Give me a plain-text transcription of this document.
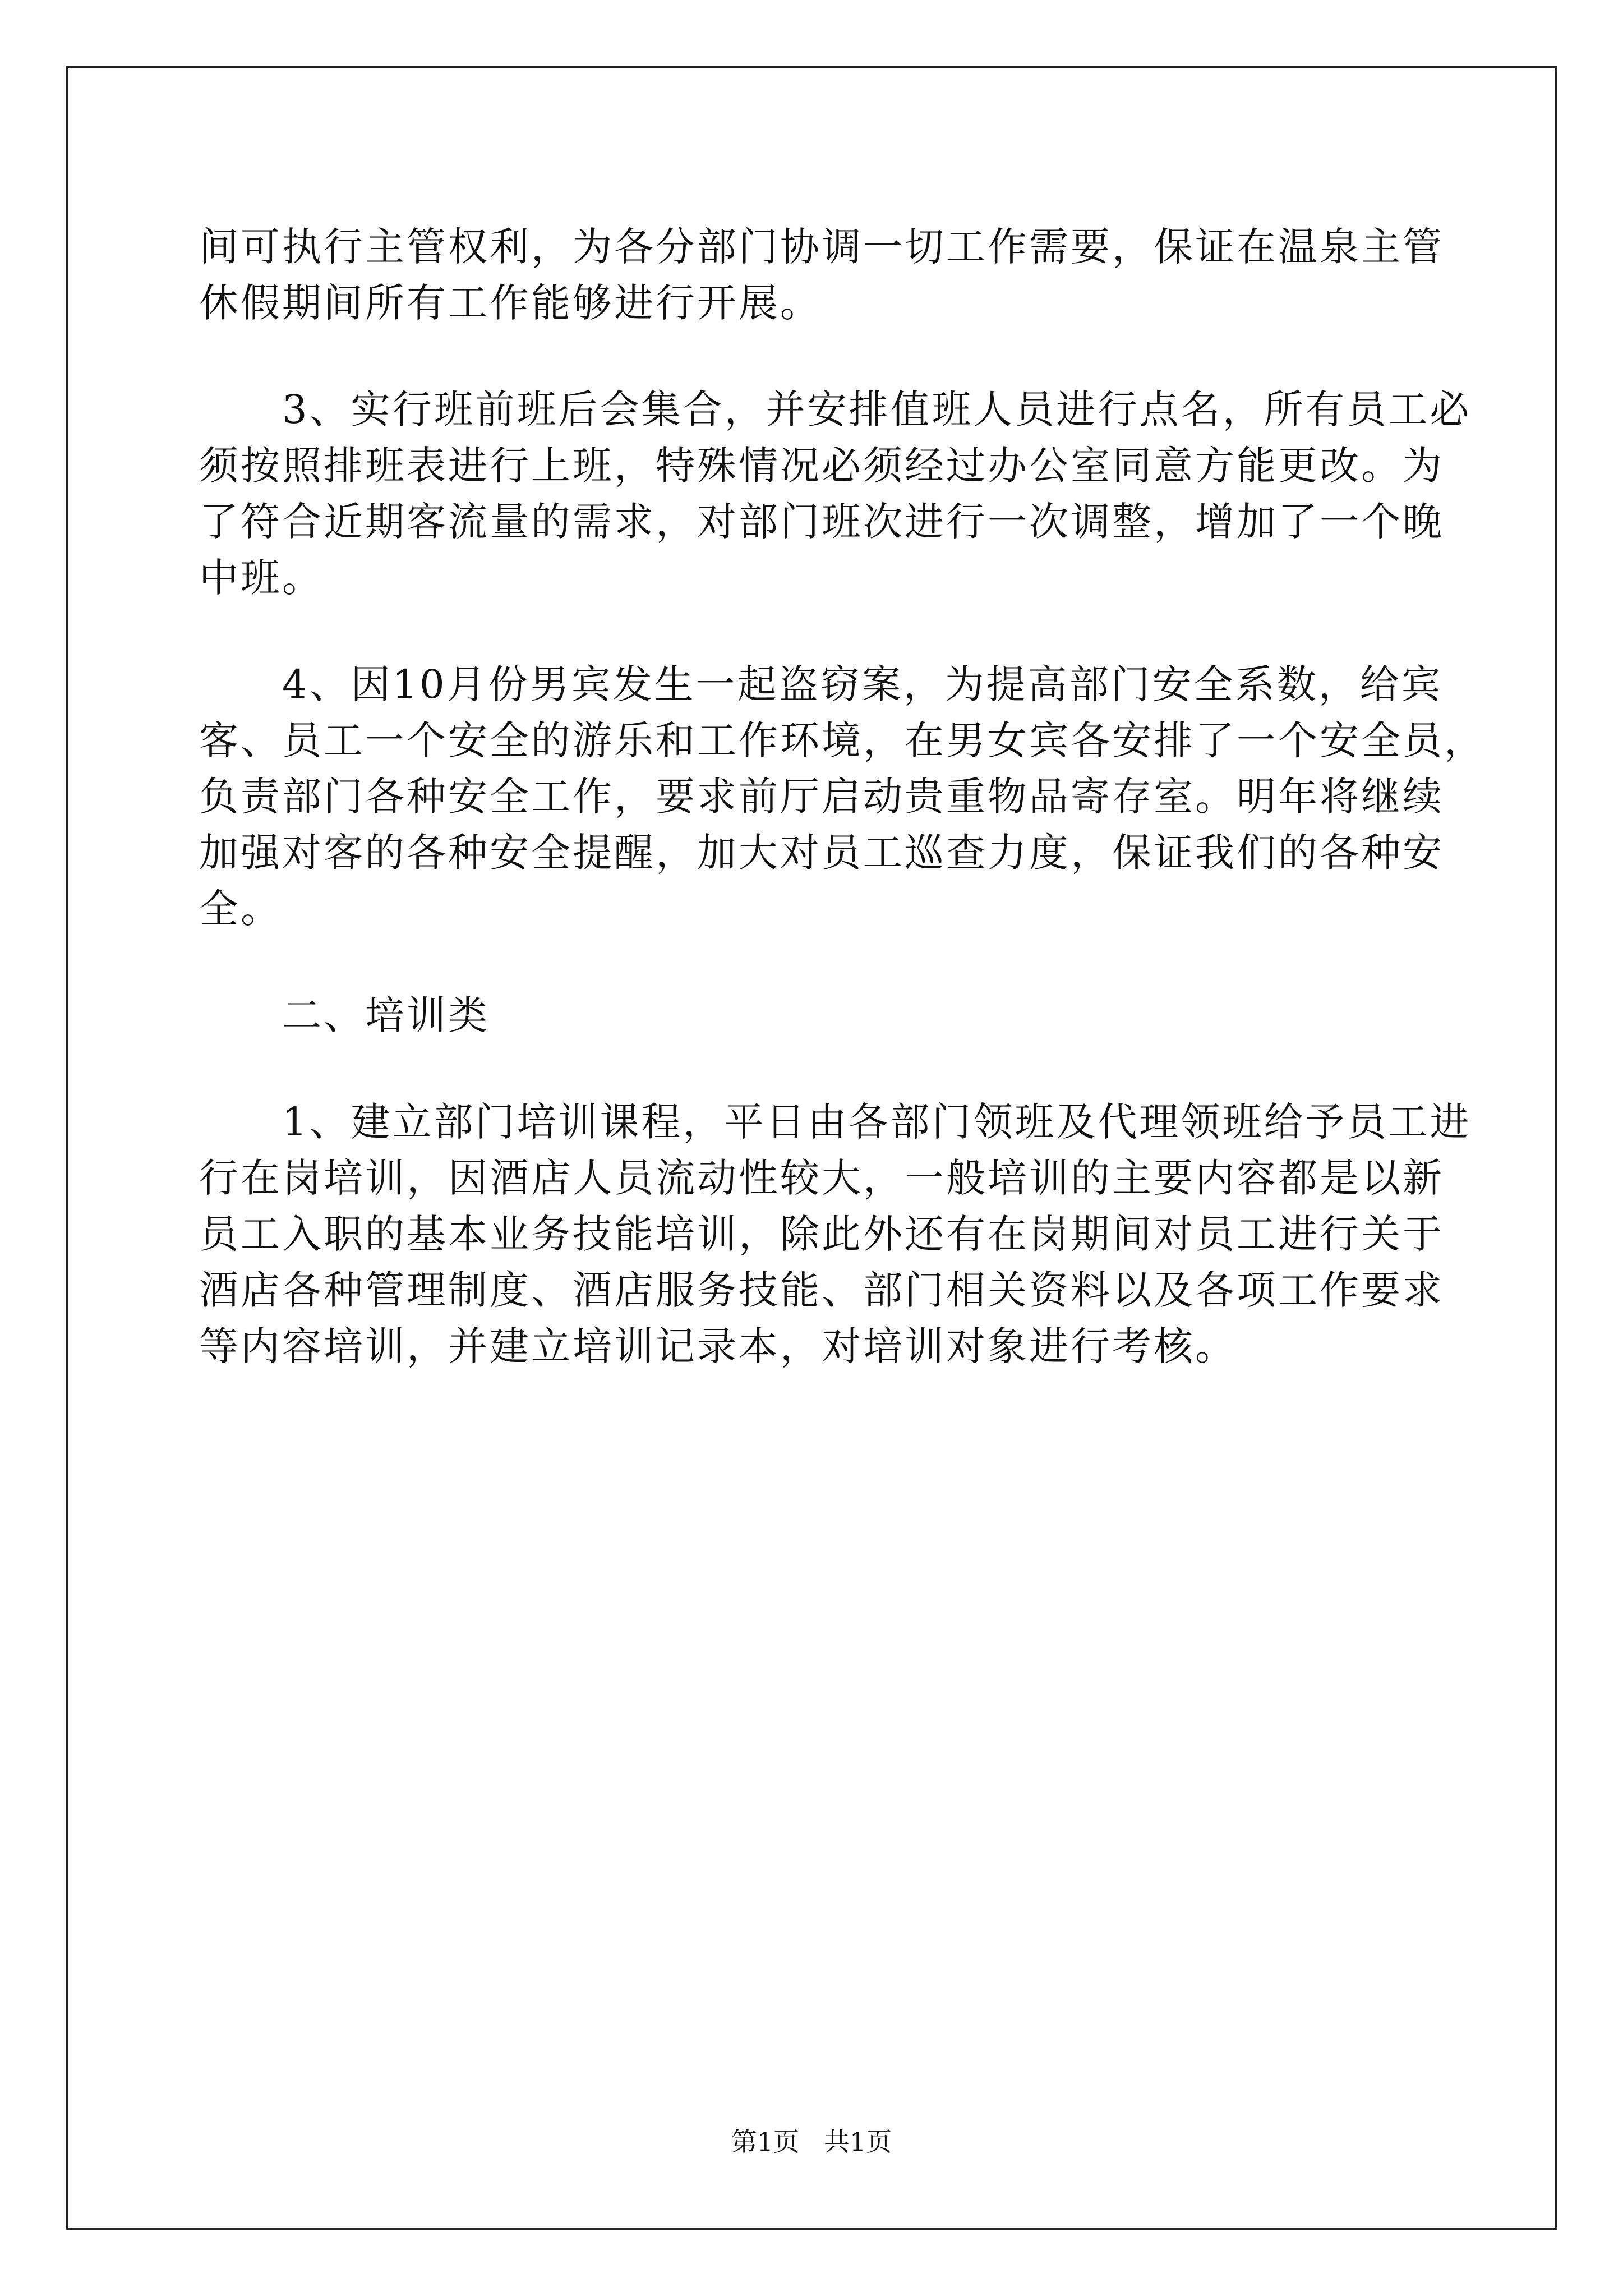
间可执行主管权利，为各分部门协调一切工作需要，保证在温泉主管

休假期间所有工作能够进行开展。

3、实行班前班后会集合，并安排值班人员进行点名，所有员工必

须按照排班表进行上班，特殊情况必须经过办公室同意方能更改。为

了符合近期客流量的需求，对部门班次进行一次调整，增加了一个晚

中班。

4、因10月份男宾发生一起盗窃案，为提高部门安全系数，给宾

客、员工一个安全的游乐和工作环境，在男女宾各安排了一个安全员，

负责部门各种安全工作，要求前厅启动贵重物品寄存室。明年将继续

加强对客的各种安全提醒，加大对员工巡查力度，保证我们的各种安

全。

二、培训类

1、建立部门培训课程，平日由各部门领班及代理领班给予员工进

行在岗培训，因酒店人员流动性较大，一般培训的主要内容都是以新

员工入职的基本业务技能培训，除此外还有在岗期间对员工进行关于

酒店各种管理制度、酒店服务技能、部门相关资料以及各项工作要求

等内容培训，并建立培训记录本，对培训对象进行考核。

第1页 共1页
